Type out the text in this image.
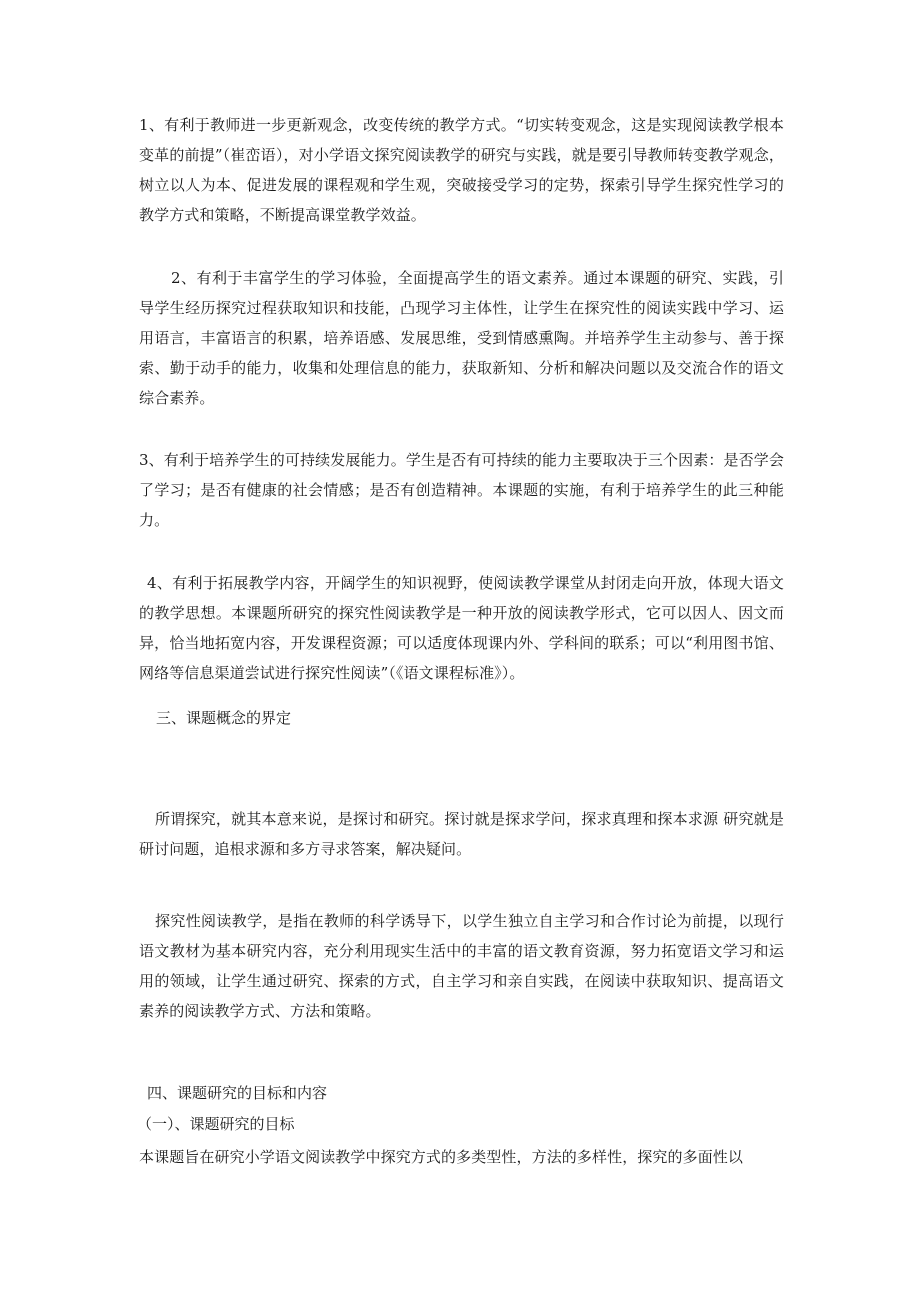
1、有利于教师进一步更新观念，改变传统的教学方式。“切实转变观念，这是实现阅读教学根本变革的前提”（崔峦语），对小学语文探究阅读教学的研究与实践，就是要引导教师转变教学观念，树立以人为本、促进发展的课程观和学生观，突破接受学习的定势，探索引导学生探究性学习的教学方式和策略，不断提高课堂教学效益。

2、有利于丰富学生的学习体验，全面提高学生的语文素养。通过本课题的研究、实践，引导学生经历探究过程获取知识和技能，凸现学习主体性，让学生在探究性的阅读实践中学习、运用语言，丰富语言的积累，培养语感、发展思维，受到情感熏陶。并培养学生主动参与、善于探索、勤于动手的能力，收集和处理信息的能力，获取新知、分析和解决问题以及交流合作的语文综合素养。

3、有利于培养学生的可持续发展能力。学生是否有可持续的能力主要取决于三个因素：是否学会了学习；是否有健康的社会情感；是否有创造精神。本课题的实施，有利于培养学生的此三种能力。

4、有利于拓展教学内容，开阔学生的知识视野，使阅读教学课堂从封闭走向开放，体现大语文的教学思想。本课题所研究的探究性阅读教学是一种开放的阅读教学形式，它可以因人、因文而异，恰当地拓宽内容，开发课程资源；可以适度体现课内外、学科间的联系；可以“利用图书馆、网络等信息渠道尝试进行探究性阅读”（《语文课程标准》）。

三、课题概念的界定

所谓探究，就其本意来说，是探讨和研究。探讨就是探求学问，探求真理和探本求源 研究就是研讨问题，追根求源和多方寻求答案，解决疑问。

探究性阅读教学，是指在教师的科学诱导下，以学生独立自主学习和合作讨论为前提，以现行语文教材为基本研究内容，充分利用现实生活中的丰富的语文教育资源，努力拓宽语文学习和运用的领域，让学生通过研究、探索的方式，自主学习和亲自实践，在阅读中获取知识、提高语文素养的阅读教学方式、方法和策略。

四、课题研究的目标和内容

（一）、课题研究的目标

本课题旨在研究小学语文阅读教学中探究方式的多类型性，方法的多样性，探究的多面性以
